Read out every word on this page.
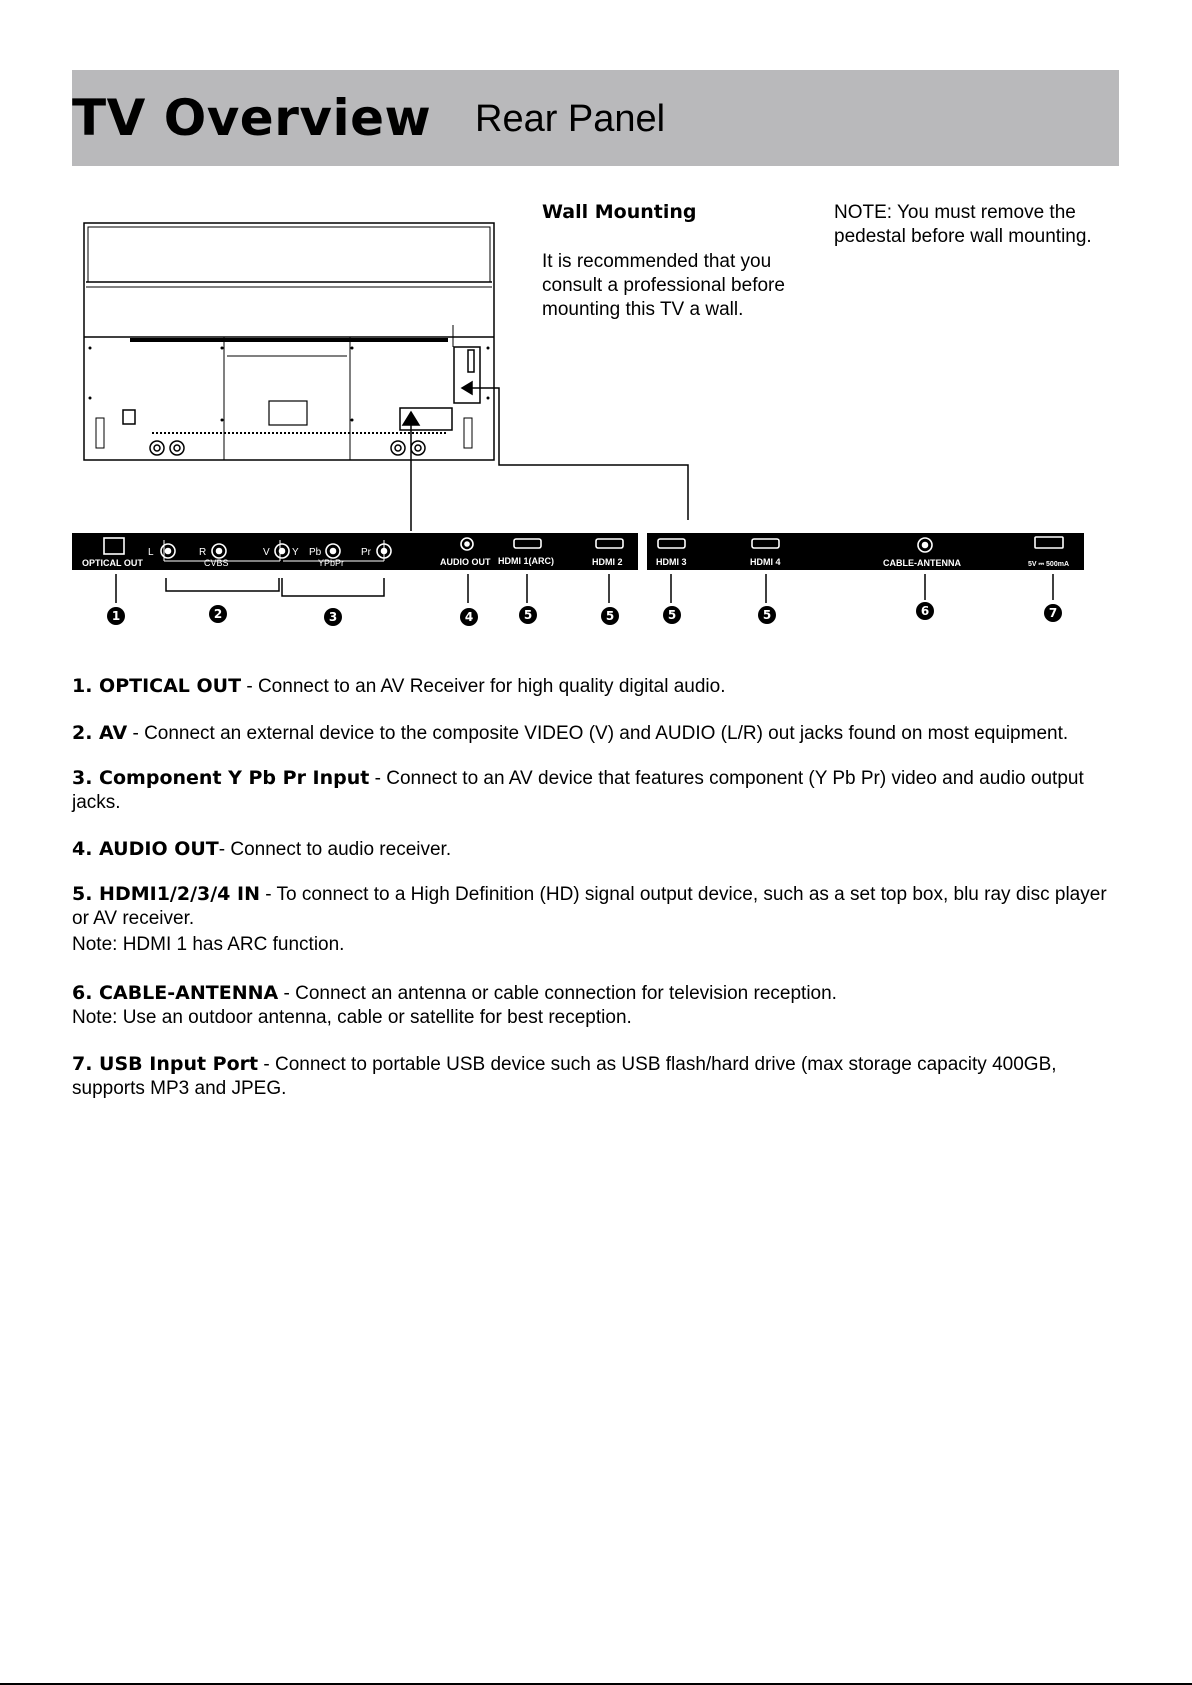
TV Overview Rear Panel
Wall Mounting
It is recommended that you consult a professional before mounting this TV a wall.
NOTE: You must remove the pedestal before wall mounting.
OPTICAL OUT
L	R
CVBS
V Y Pb	Pr
YPbPr	AUDIO OUT HDMI 1(ARC)	HDMI 2	HDMI 3	HDMI 4	CABLE-ANTENNA	5V ⎓ 500mA
1	2	3	4	5	5	5	5	6	7
1. OPTICAL OUT - Connect to an AV Receiver for high quality digital audio.
2. AV - Connect an external device to the composite VIDEO (V) and AUDIO (L/R) out jacks found on most equipment.
3. Component Y Pb Pr Input - Connect to an AV device that features component (Y Pb Pr) video and audio output jacks.
4. AUDIO OUT- Connect to audio receiver.
5. HDMI1/2/3/4 IN - To connect to a High Definition (HD) signal output device, such as a set top box, blu ray disc player or AV receiver.
Note: HDMI 1 has ARC function.
6. CABLE-ANTENNA - Connect an antenna or cable connection for television reception.
Note: Use an outdoor antenna, cable or satellite for best reception.
7. USB Input Port - Connect to portable USB device such as USB flash/hard drive (max storage capacity 400GB, supports MP3 and JPEG.
